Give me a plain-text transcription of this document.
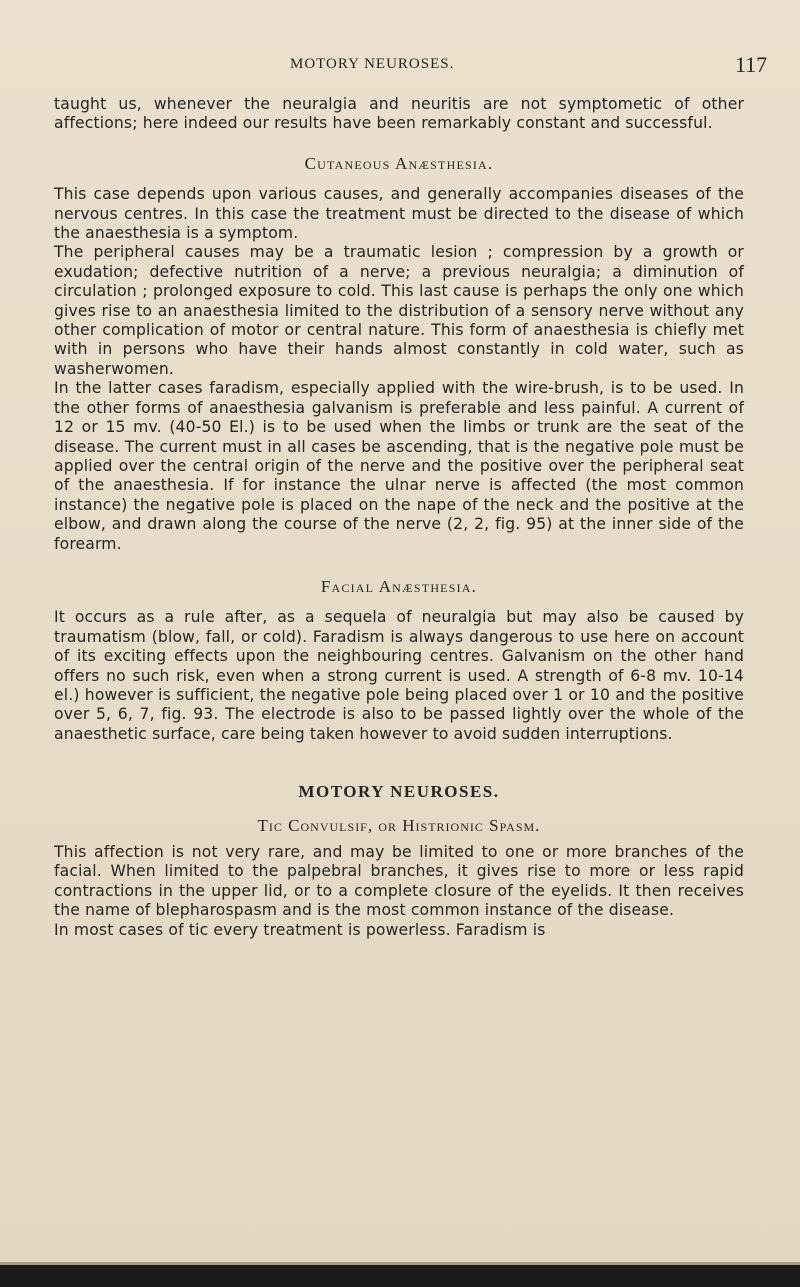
MOTORY NEUROSES.	117

taught us, whenever the neuralgia and neuritis are not symptometic of other affections; here indeed our results have been remarkably constant and successful.

Cutaneous Anæsthesia.

This case depends upon various causes, and generally accompanies diseases of the nervous centres. In this case the treatment must be directed to the disease of which the anaesthesia is a symptom.

The peripheral causes may be a traumatic lesion ; compression by a growth or exudation; defective nutrition of a nerve; a previous neuralgia; a diminution of circulation ; prolonged exposure to cold. This last cause is perhaps the only one which gives rise to an anaesthesia limited to the distribution of a sensory nerve without any other complication of motor or central nature. This form of anaesthesia is chiefly met with in persons who have their hands almost constantly in cold water, such as washerwomen.

In the latter cases faradism, especially applied with the wire-brush, is to be used. In the other forms of anaesthesia galvanism is preferable and less painful. A current of 12 or 15 mv. (40-50 El.) is to be used when the limbs or trunk are the seat of the disease. The current must in all cases be ascending, that is the negative pole must be applied over the central origin of the nerve and the positive over the peripheral seat of the anaesthesia. If for instance the ulnar nerve is affected (the most common instance) the negative pole is placed on the nape of the neck and the positive at the elbow, and drawn along the course of the nerve (2, 2, fig. 95) at the inner side of the forearm.

Facial Anæsthesia.

It occurs as a rule after, as a sequela of neuralgia but may also be caused by traumatism (blow, fall, or cold). Faradism is always dangerous to use here on account of its exciting effects upon the neighbouring centres. Galvanism on the other hand offers no such risk, even when a strong current is used. A strength of 6-8 mv. 10-14 el.) however is sufficient, the negative pole being placed over 1 or 10 and the positive over 5, 6, 7, fig. 93. The electrode is also to be passed lightly over the whole of the anaesthetic surface, care being taken however to avoid sudden interruptions.

MOTORY NEUROSES.
Tic Convulsif, or Histrionic Spasm.

This affection is not very rare, and may be limited to one or more branches of the facial. When limited to the palpebral branches, it gives rise to more or less rapid contractions in the upper lid, or to a complete closure of the eyelids. It then receives the name of blepharospasm and is the most common instance of the disease.

In most cases of tic every treatment is powerless. Faradism is
